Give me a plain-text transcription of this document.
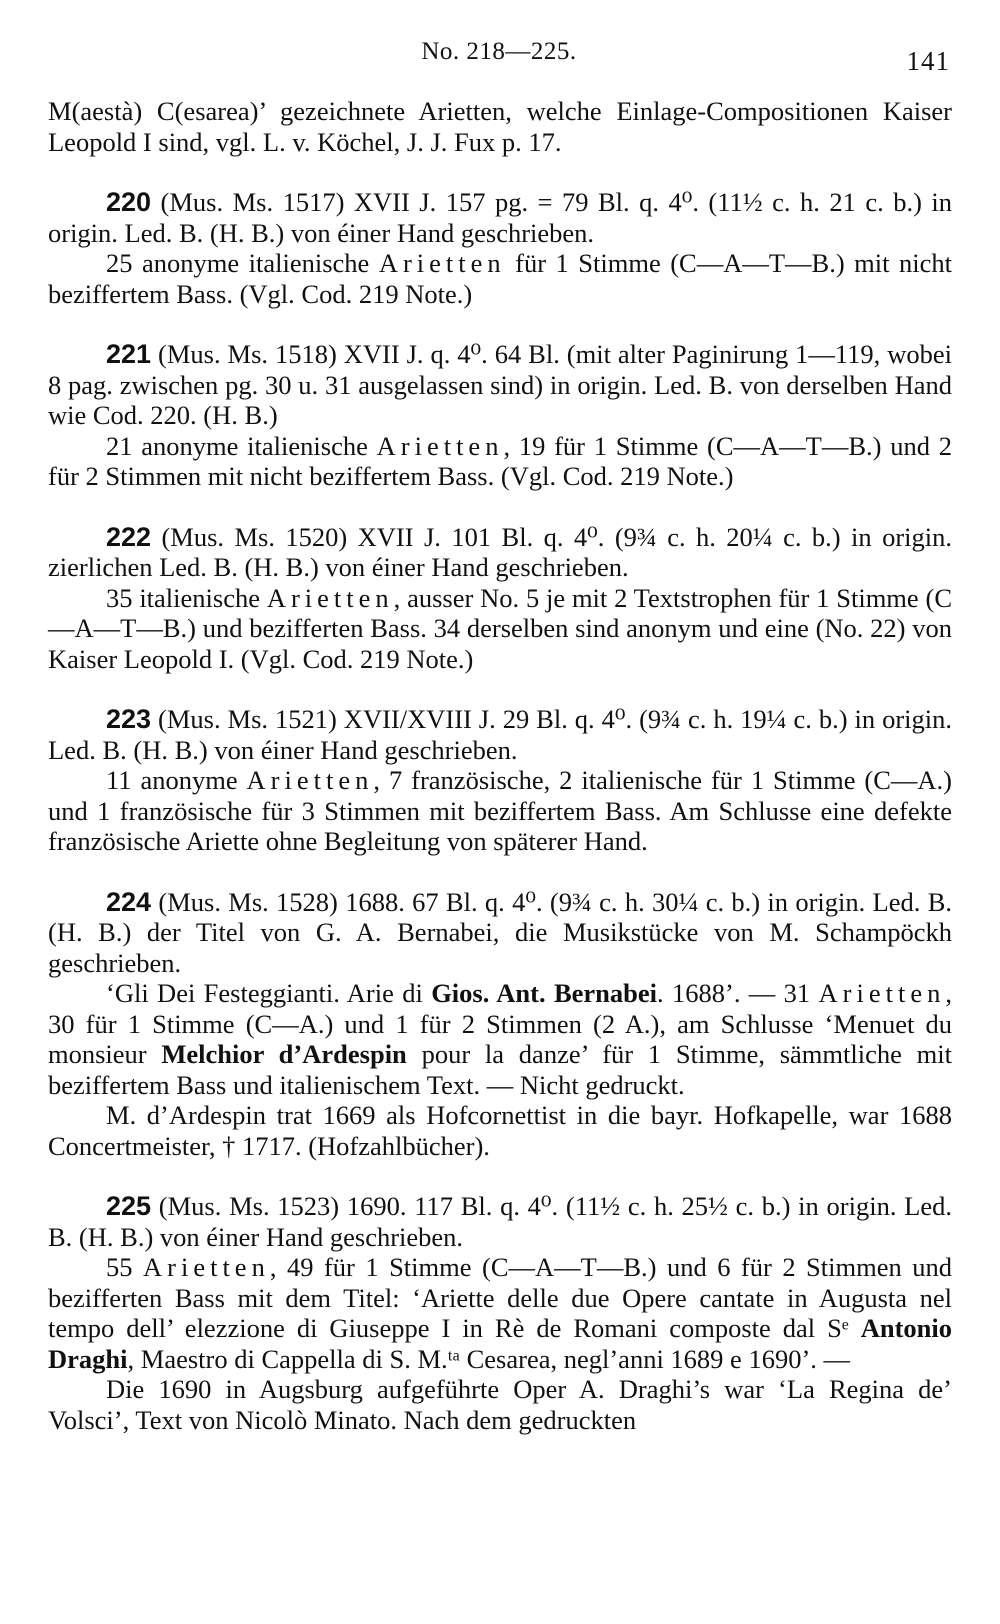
No. 218—225.	141

M(aestà) C(esarea)’ gezeichnete Arietten, welche Einlage-Compositionen Kaiser Leopold I sind, vgl. L. v. Köchel, J. J. Fux p. 17.

220 (Mus. Ms. 1517) XVII J. 157 pg. = 79 Bl. q. 4⁰. (11½ c. h. 21 c. b.) in origin. Led. B. (H. B.) von éiner Hand geschrieben.

25 anonyme italienische Arietten für 1 Stimme (C—A—T—B.) mit nicht beziffertem Bass. (Vgl. Cod. 219 Note.)

221 (Mus. Ms. 1518) XVII J. q. 4⁰. 64 Bl. (mit alter Paginirung 1—119, wobei 8 pag. zwischen pg. 30 u. 31 ausgelassen sind) in origin. Led. B. von derselben Hand wie Cod. 220. (H. B.)

21 anonyme italienische Arietten, 19 für 1 Stimme (C—A—T—B.) und 2 für 2 Stimmen mit nicht beziffertem Bass. (Vgl. Cod. 219 Note.)

222 (Mus. Ms. 1520) XVII J. 101 Bl. q. 4⁰. (9¾ c. h. 20¼ c. b.) in origin. zierlichen Led. B. (H. B.) von éiner Hand geschrieben.

35 italienische Arietten, ausser No. 5 je mit 2 Textstrophen für 1 Stimme (C—A—T—B.) und bezifferten Bass. 34 derselben sind anonym und eine (No. 22) von Kaiser Leopold I. (Vgl. Cod. 219 Note.)

223 (Mus. Ms. 1521) XVII/XVIII J. 29 Bl. q. 4⁰. (9¾ c. h. 19¼ c. b.) in origin. Led. B. (H. B.) von éiner Hand geschrieben.

11 anonyme Arietten, 7 französische, 2 italienische für 1 Stimme (C—A.) und 1 französische für 3 Stimmen mit beziffertem Bass. Am Schlusse eine defekte französische Ariette ohne Begleitung von späterer Hand.

224 (Mus. Ms. 1528) 1688. 67 Bl. q. 4⁰. (9¾ c. h. 30¼ c. b.) in origin. Led. B. (H. B.) der Titel von G. A. Bernabei, die Musikstücke von M. Schampöckh geschrieben.

‘Gli Dei Festeggianti. Arie di Gios. Ant. Bernabei. 1688’. — 31 Arietten, 30 für 1 Stimme (C—A.) und 1 für 2 Stimmen (2 A.), am Schlusse ‘Menuet du monsieur Melchior d’Ardespin pour la danze’ für 1 Stimme, sämmtliche mit beziffertem Bass und italienischem Text. — Nicht gedruckt.

M. d’Ardespin trat 1669 als Hofcornettist in die bayr. Hofkapelle, war 1688 Concertmeister, † 1717. (Hofzahlbücher).

225 (Mus. Ms. 1523) 1690. 117 Bl. q. 4⁰. (11½ c. h. 25½ c. b.) in origin. Led. B. (H. B.) von éiner Hand geschrieben.

55 Arietten, 49 für 1 Stimme (C—A—T—B.) und 6 für 2 Stimmen und bezifferten Bass mit dem Titel: ‘Ariette delle due Opere cantate in Augusta nel tempo dell’ elezzione di Giuseppe I in Rè de Romani composte dal Sᵉ Antonio Draghi, Maestro di Cappella di S. M.ᵗᵃ Cesarea, negl’anni 1689 e 1690’. —

Die 1690 in Augsburg aufgeführte Oper A. Draghi’s war ‘La Regina de’ Volsci’, Text von Nicolò Minato. Nach dem gedruckten
